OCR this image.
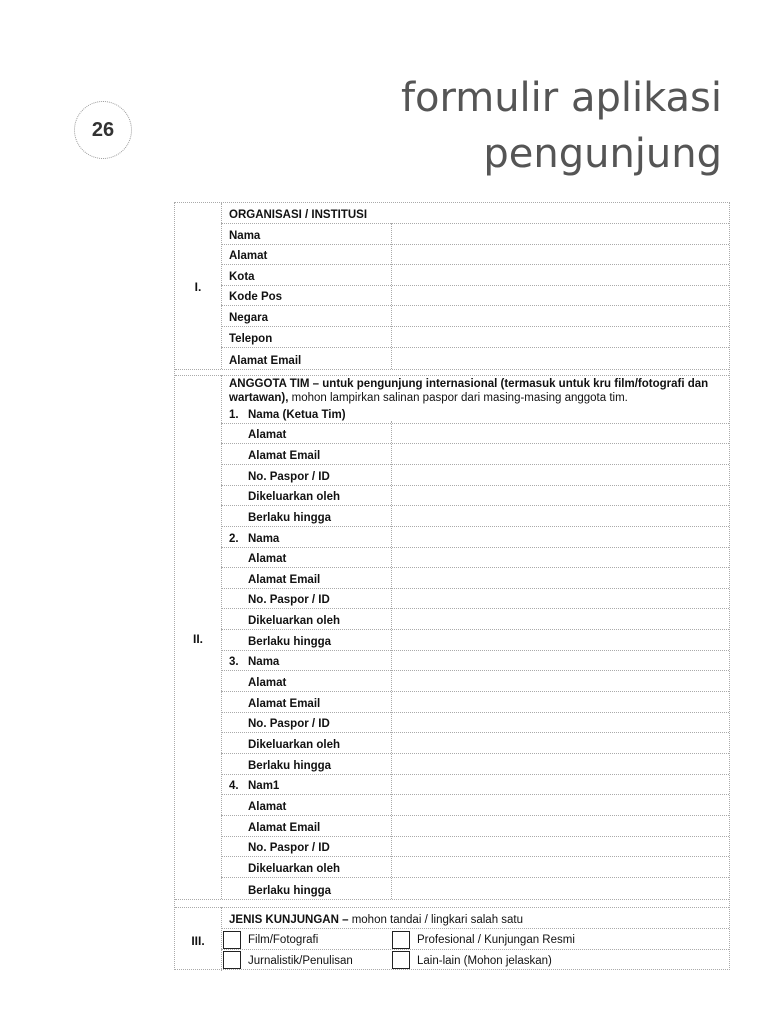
26
formulir aplikasi
pengunjung
I.
ORGANISASI / INSTITUSI
Nama
Alamat
Kota
Kode Pos
Negara
Telepon
Alamat Email
II.
ANGGOTA TIM – untuk pengunjung internasional (termasuk untuk kru film/fotografi dan wartawan), mohon lampirkan salinan paspor dari masing-masing anggota tim.
1. Nama (Ketua Tim)
Alamat
Alamat Email
No. Paspor / ID
Dikeluarkan oleh
Berlaku hingga
2. Nama
Alamat
Alamat Email
No. Paspor / ID
Dikeluarkan oleh
Berlaku hingga
3. Nama
Alamat
Alamat Email
No. Paspor / ID
Dikeluarkan oleh
Berlaku hingga
4. Nam1
Alamat
Alamat Email
No. Paspor / ID
Dikeluarkan oleh
Berlaku hingga
III.
JENIS KUNJUNGAN – mohon tandai / lingkari salah satu
Film/Fotografi	Profesional / Kunjungan Resmi
Jurnalistik/Penulisan	Lain-lain (Mohon jelaskan)
